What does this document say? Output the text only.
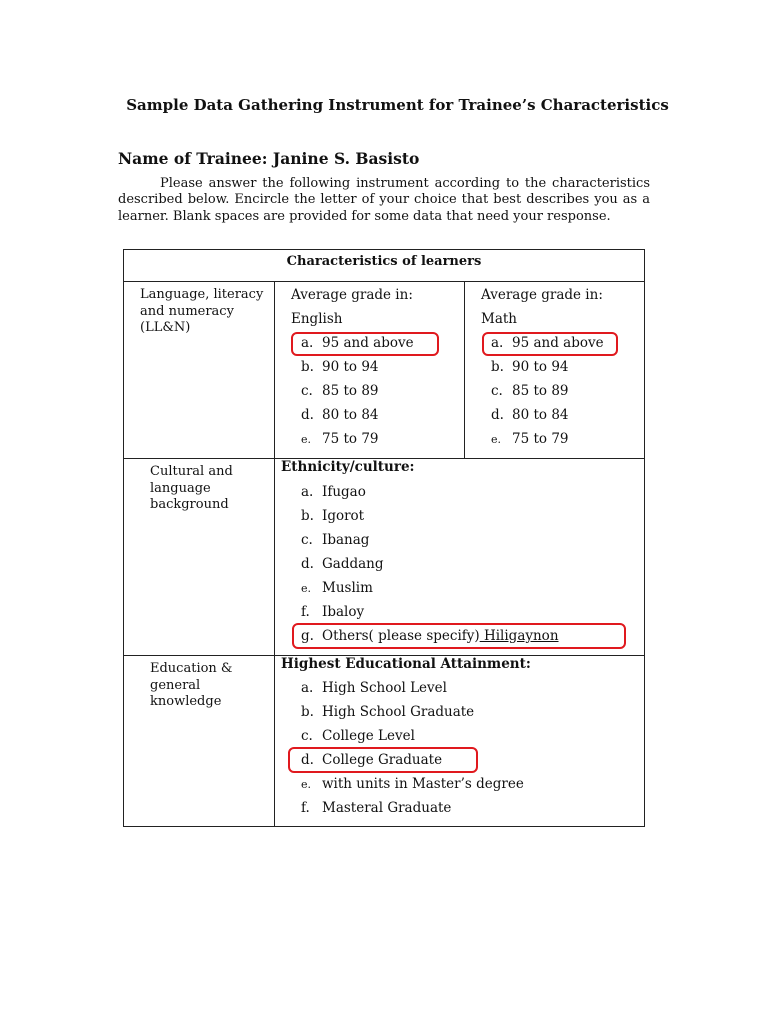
Sample Data Gathering Instrument for Trainee’s Characteristics
Name of Trainee: Janine S. Basisto
Please answer the following instrument according to the characteristics described below. Encircle the letter of your choice that best describes you as a learner. Blank spaces are provided for some data that need your response.
Characteristics of learners
Language, literacy and numeracy (LL&N)
Average grade in:
English
a. 95 and above
b. 90 to 94
c. 85 to 89
d. 80 to 84
e. 75 to 79
Average grade in:
Math
a. 95 and above
b. 90 to 94
c. 85 to 89
d. 80 to 84
e. 75 to 79
Cultural and language background
Ethnicity/culture:
a. Ifugao
b. Igorot
c. Ibanag
d. Gaddang
e. Muslim
f. Ibaloy
g. Others( please specify) Hiligaynon
Education & general knowledge
Highest Educational Attainment:
a. High School Level
b. High School Graduate
c. College Level
d. College Graduate
e. with units in Master’s degree
f. Masteral Graduate
